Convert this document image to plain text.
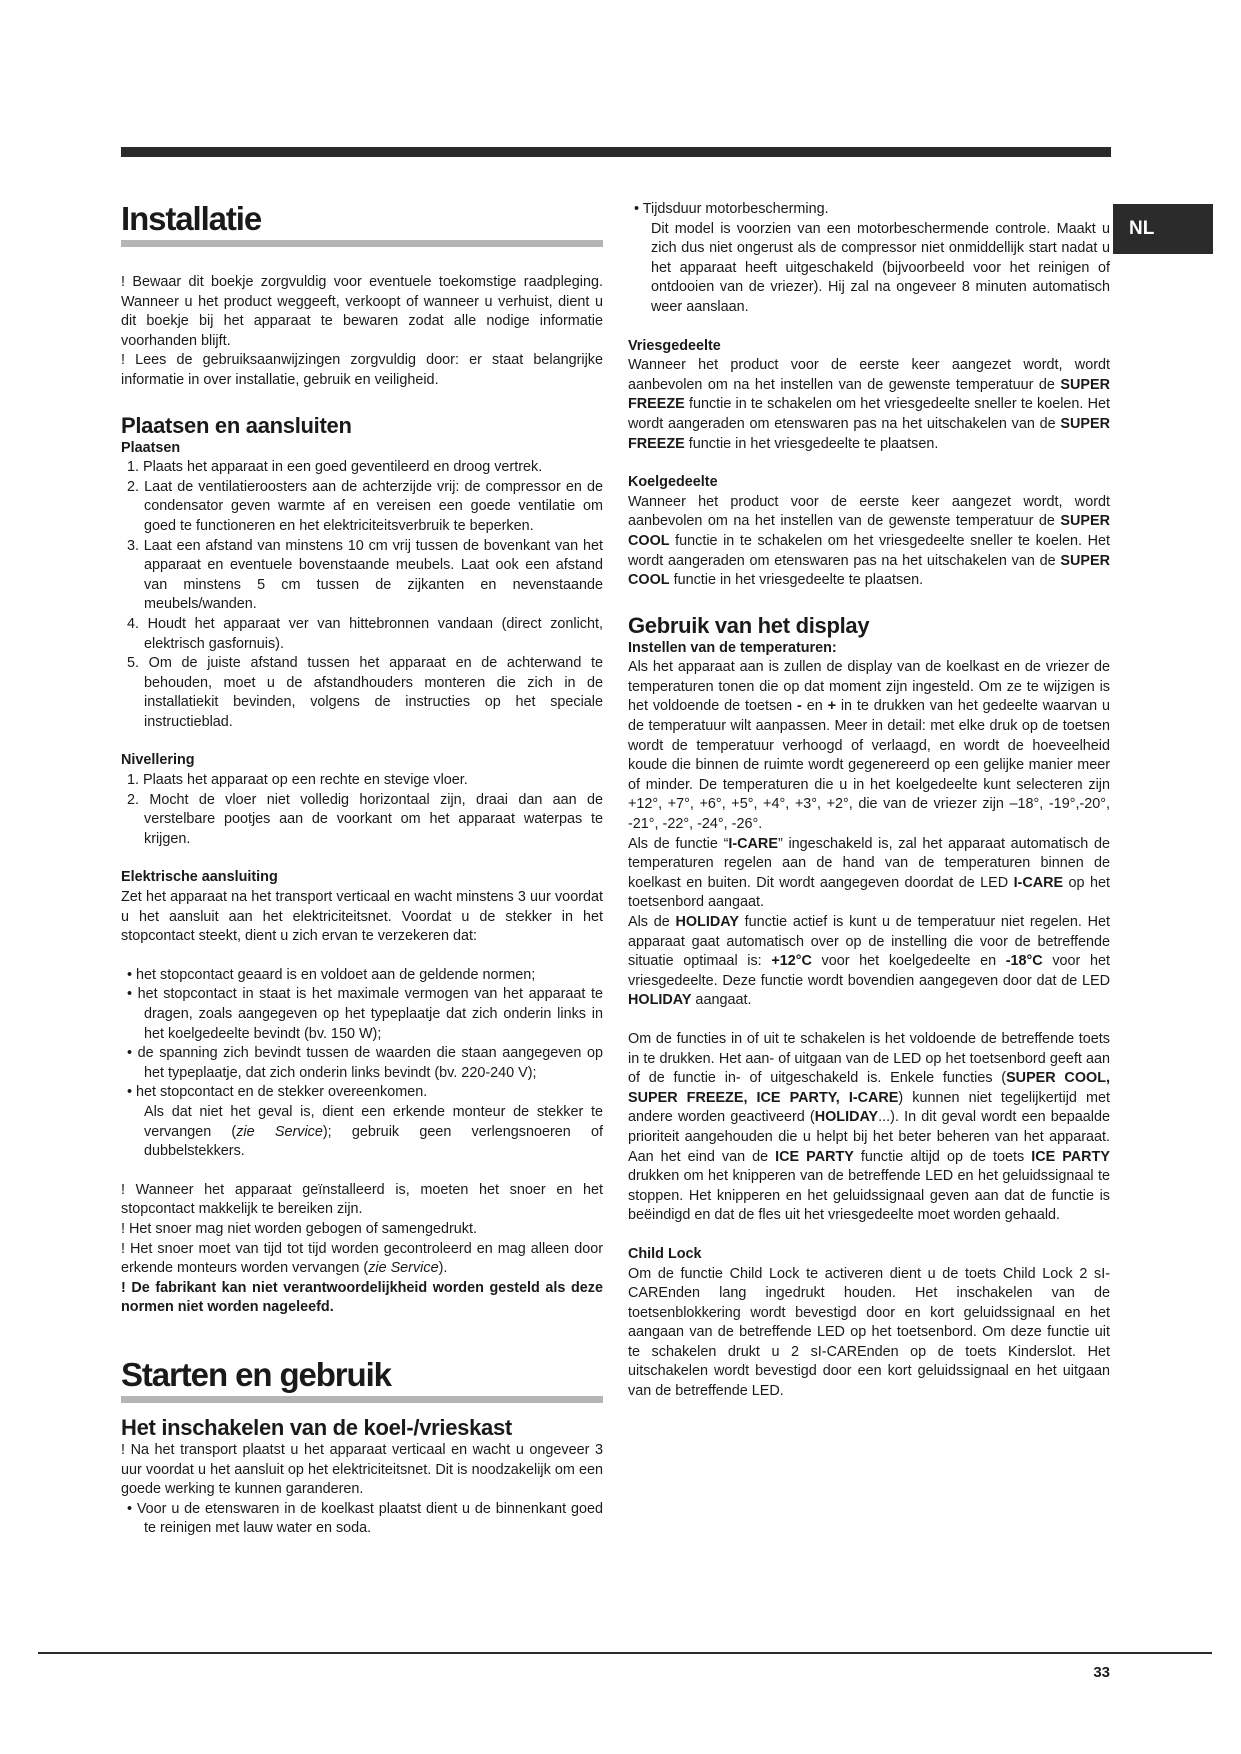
NL
Installatie

! Bewaar dit boekje zorgvuldig voor eventuele toekomstige raadpleging. Wanneer u het product weggeeft, verkoopt of wanneer u verhuist, dient u dit boekje bij het apparaat te bewaren zodat alle nodige informatie voorhanden blijft.

! Lees de gebruiksaanwijzingen zorgvuldig door: er staat belangrijke informatie in over installatie, gebruik en veiligheid.

Plaatsen en aansluiten
Plaatsen

1. Plaats het apparaat in een goed geventileerd en droog vertrek.

2. Laat de ventilatieroosters aan de achterzijde vrij: de compressor en de condensator geven warmte af en vereisen een goede ventilatie om goed te functioneren en het elektriciteitsverbruik te beperken.

3. Laat een afstand van minstens 10 cm vrij tussen de bovenkant van het apparaat en eventuele bovenstaande meubels. Laat ook een afstand van minstens 5 cm tussen de zijkanten en nevenstaande meubels/wanden.

4. Houdt het apparaat ver van hittebronnen vandaan (direct zonlicht, elektrisch gasfornuis).

5. Om de juiste afstand tussen het apparaat en de achterwand te behouden, moet u de afstandhouders monteren die zich in de installatiekit bevinden, volgens de instructies op het speciale instructieblad.

Nivellering

1. Plaats het apparaat op een rechte en stevige vloer.

2. Mocht de vloer niet volledig horizontaal zijn, draai dan aan de verstelbare pootjes aan de voorkant om het apparaat waterpas te krijgen.

Elektrische aansluiting

Zet het apparaat na het transport verticaal en wacht minstens 3 uur voordat u het aansluit aan het elektriciteitsnet. Voordat u de stekker in het stopcontact steekt, dient u zich ervan te verzekeren dat:

• het stopcontact geaard is en voldoet aan de geldende normen;

• het stopcontact in staat is het maximale vermogen van het apparaat te dragen, zoals aangegeven op het typeplaatje dat zich onderin links in het koelgedeelte bevindt (bv. 150 W);

• de spanning zich bevindt tussen de waarden die staan aangegeven op het typeplaatje, dat zich onderin links bevindt (bv. 220-240 V);

• het stopcontact en de stekker overeenkomen.

Als dat niet het geval is, dient een erkende monteur de stekker te vervangen (zie Service); gebruik geen verlengsnoeren of dubbelstekkers.

! Wanneer het apparaat geïnstalleerd is, moeten het snoer en het stopcontact makkelijk te bereiken zijn.

! Het snoer mag niet worden gebogen of samengedrukt.

! Het snoer moet van tijd tot tijd worden gecontroleerd en mag alleen door erkende monteurs worden vervangen (zie Service).

! De fabrikant kan niet verantwoordelijkheid worden gesteld als deze normen niet worden nageleefd.

Starten en gebruik
Het inschakelen van de koel-/vrieskast

! Na het transport plaatst u het apparaat verticaal en wacht u ongeveer 3 uur voordat u het aansluit op het elektriciteitsnet. Dit is noodzakelijk om een goede werking te kunnen garanderen.

• Voor u de etenswaren in de koelkast plaatst dient u de binnenkant goed te reinigen met lauw water en soda.

• Tijdsduur motorbescherming.

Dit model is voorzien van een motorbeschermende controle. Maakt u zich dus niet ongerust als de compressor niet onmiddellijk start nadat u het apparaat heeft uitgeschakeld (bijvoorbeeld voor het reinigen of ontdooien van de vriezer). Hij zal na ongeveer 8 minuten automatisch weer aanslaan.

Vriesgedeelte

Wanneer het product voor de eerste keer aangezet wordt, wordt aanbevolen om na het instellen van de gewenste temperatuur de SUPER FREEZE functie in te schakelen om het vriesgedeelte sneller te koelen. Het wordt aangeraden om etenswaren pas na het uitschakelen van de SUPER FREEZE functie in het vriesgedeelte te plaatsen.

Koelgedeelte

Wanneer het product voor de eerste keer aangezet wordt, wordt aanbevolen om na het instellen van de gewenste temperatuur de SUPER COOL functie in te schakelen om het vriesgedeelte sneller te koelen. Het wordt aangeraden om etenswaren pas na het uitschakelen van de SUPER COOL functie in het vriesgedeelte te plaatsen.

Gebruik van het display
Instellen van de temperaturen:

Als het apparaat aan is zullen de display van de koelkast en de vriezer de temperaturen tonen die op dat moment zijn ingesteld. Om ze te wijzigen is het voldoende de toetsen - en + in te drukken van het gedeelte waarvan u de temperatuur wilt aanpassen. Meer in detail: met elke druk op de toetsen wordt de temperatuur verhoogd of verlaagd, en wordt de hoeveelheid koude die binnen de ruimte wordt gegenereerd op een gelijke manier meer of minder. De temperaturen die u in het koelgedeelte kunt selecteren zijn +12°, +7°, +6°, +5°, +4°, +3°, +2°, die van de vriezer zijn –18°, -19°,-20°, -21°, -22°, -24°, -26°.

Als de functie “I-CARE” ingeschakeld is, zal het apparaat automatisch de temperaturen regelen aan de hand van de temperaturen binnen de koelkast en buiten. Dit wordt aangegeven doordat de LED I-CARE op het toetsenbord aangaat.

Als de HOLIDAY functie actief is kunt u de temperatuur niet regelen. Het apparaat gaat automatisch over op de instelling die voor de betreffende situatie optimaal is: +12°C voor het koelgedeelte en -18°C voor het vriesgedeelte. Deze functie wordt bovendien aangegeven door dat de LED HOLIDAY aangaat.

Om de functies in of uit te schakelen is het voldoende de betreffende toets in te drukken. Het aan- of uitgaan van de LED op het toetsenbord geeft aan of de functie in- of uitgeschakeld is. Enkele functies (SUPER COOL, SUPER FREEZE, ICE PARTY, I-CARE) kunnen niet tegelijkertijd met andere worden geactiveerd (HOLIDAY...). In dit geval wordt een bepaalde prioriteit aangehouden die u helpt bij het beter beheren van het apparaat. Aan het eind van de ICE PARTY functie altijd op de toets ICE PARTY drukken om het knipperen van de betreffende LED en het geluidssignaal te stoppen. Het knipperen en het geluidssignaal geven aan dat de functie is beëindigd en dat de fles uit het vriesgedeelte moet worden gehaald.

Child Lock

Om de functie Child Lock te activeren dient u de toets Child Lock 2 sI-CAREnden lang ingedrukt houden. Het inschakelen van de toetsenblokkering wordt bevestigd door en kort geluidssignaal en het aangaan van de betreffende LED op het toetsenbord. Om deze functie uit te schakelen drukt u 2 sI-CAREnden op de toets Kinderslot. Het uitschakelen wordt bevestigd door een kort geluidssignaal en het uitgaan van de betreffende LED.

33
